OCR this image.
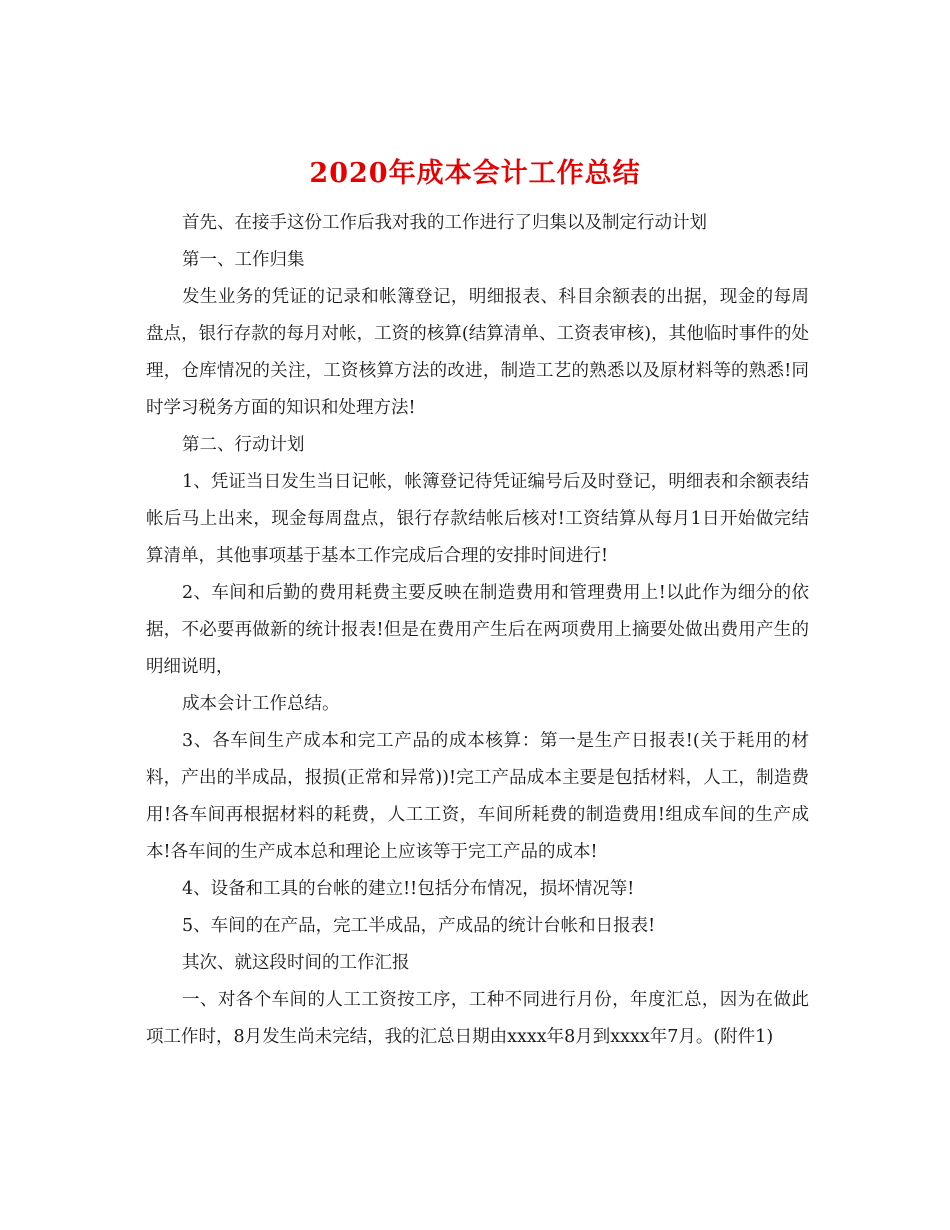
2020年成本会计工作总结

首先、在接手这份工作后我对我的工作进行了归集以及制定行动计划

第一、工作归集

发生业务的凭证的记录和帐簿登记，明细报表、科目余额表的出据，现金的每周盘点，银行存款的每月对帐，工资的核算(结算清单、工资表审核)，其他临时事件的处理，仓库情况的关注，工资核算方法的改进，制造工艺的熟悉以及原材料等的熟悉!同时学习税务方面的知识和处理方法!

第二、行动计划

1、凭证当日发生当日记帐，帐簿登记待凭证编号后及时登记，明细表和余额表结帐后马上出来，现金每周盘点，银行存款结帐后核对!工资结算从每月1日开始做完结算清单，其他事项基于基本工作完成后合理的安排时间进行!

2、车间和后勤的费用耗费主要反映在制造费用和管理费用上!以此作为细分的依据，不必要再做新的统计报表!但是在费用产生后在两项费用上摘要处做出费用产生的明细说明，

成本会计工作总结。

3、各车间生产成本和完工产品的成本核算：第一是生产日报表!(关于耗用的材料，产出的半成品，报损(正常和异常))!完工产品成本主要是包括材料，人工，制造费用!各车间再根据材料的耗费，人工工资，车间所耗费的制造费用!组成车间的生产成本!各车间的生产成本总和理论上应该等于完工产品的成本!

4、设备和工具的台帐的建立!!包括分布情况，损坏情况等!

5、车间的在产品，完工半成品，产成品的统计台帐和日报表!

其次、就这段时间的工作汇报

一、对各个车间的人工工资按工序，工种不同进行月份，年度汇总，因为在做此项工作时，8月发生尚未完结，我的汇总日期由xxxx年8月到xxxx年7月。(附件1)
